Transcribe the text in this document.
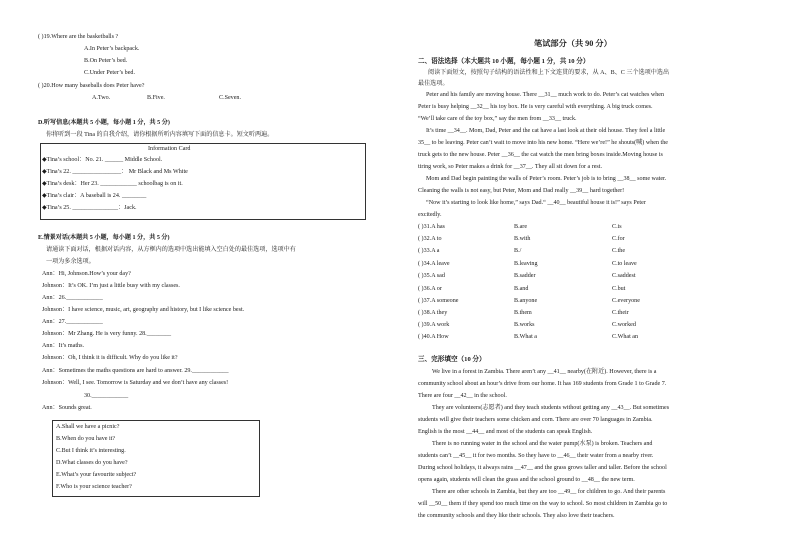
( )19.Where are the basketballs ?
A.In Peter’s backpack.
B.On Peter’s bed.
C.Under Peter’s bed.
( )20.How many baseballs does Peter have?
A.Two.	B.Five.	C.Seven.
D.听写信息(本题共 5 小题，每小题 1 分，共 5 分)
你将听到一段 Tina 的自我介绍，请你根据所听内容填写下面的信息卡。短文听两遍。
Information Card
◆Tina’s school：No. 21. ______ Middle School.
◆Tina’s 22. ________________： Mr Black and Ms White
◆Tina’s desk：Her 23. ____________ schoolbag is on it.
◆Tina’s clair：A baseball is 24. ________
◆Tina’s 25. _______________：Jack.
E.情景对话(本题共 5 小题，每小题 1 分，共 5 分)
请通读下面对话，根据对话内容，从方框内的选项中选出能填入空白处的最佳选项，选项中有
一项为多余选项。
Ann：Hi, Johnson.How’s your day?
Johnson：It’s OK. I’m just a little busy with my classes.
Ann：26.____________
Johnson：I have science, music, art, geography and history, but I like science best.
Ann：27.____________
Johnson：Mr Zhang. He is very funny. 28.________
Ann：It’s maths.
Johnson：Oh, I think it is difficult. Why do you like it?
Ann：Sometimes the maths questions are hard to answer. 29.____________
Johnson：Well, I see. Tomorrow is Saturday and we don’t have any classes!
30.____________
Ann：Sounds great.
A.Shall we have a picnic?
B.When do you have it?
C.But I think it’s interesting.
D.What classes do you have?
E.What’s your favourite subject?
F.Who is your science teacher?
笔试部分（共 90 分）
二、语法选择（本大题共 10 小题，每小题 1 分，共 10 分）
阅读下面短文，按照句子结构的语法性和上下文连贯的要求，从 A、B、C 三个选项中选出
最佳选项。
Peter and his family are moving house. There __31__ much work to do. Peter’s cat watches when
Peter is busy helping __32__ his toy box. He is very careful with everything. A big truck comes.
“We’ll take care of the toy box,” say the men from __33__ truck.
It’s time __34__. Mom, Dad, Peter and the cat have a last look at their old house. They feel a little
35__ to be leaving. Peter can’t wait to move into his new home. “Here we’re!” he shouts(喊) when the
truck gets to the new house. Peter __36__ the cat watch the men bring boxes inside.Moving house is
tiring work, so Peter makes a drink for __37__. They all sit down for a rest.
Mom and Dad begin painting the walls of Peter’s room. Peter’s job is to bring __38__ some water.
Cleaning the walls is not easy, but Peter, Mom and Dad really __39__ hard together!
“Now it’s starting to look like home,” says Dad.“ __40__ beautiful house it is!” says Peter
excitedly.
( )31.A has	B.are	C.is
( )32.A to	B.with	C.for
( )33.A a	B./	C.the
( )34.A leave	B.leaving	C.to leave
( )35.A sad	B.sadder	C.saddest
( )36.A or	B.and	C.but
( )37.A someone	B.anyone	C.everyone
( )38.A they	B.them	C.their
( )39.A work	B.works	C.worked
( )40.A How	B.What a	C.What an
三、完形填空（10 分）
We live in a forest in Zambia. There aren’t any __41__ nearby(在附近). However, there is a
community school about an hour’s drive from our home. It has 169 students from Grade 1 to Grade 7.
There are four __42__ in the school.
They are volunteers(志愿者) and they teach students without getting any __43__. But sometimes
students will give their teachers some chicken and corn. There are over 70 languages in Zambia.
English is the most __44__ and most of the students can speak English.
There is no running water in the school and the water pump(水泵) is broken. Teachers and
students can’t __45__ it for two months. So they have to __46__ their water from a nearby river.
During school holidays, it always rains __47__ and the grass grows taller and taller. Before the school
opens again, students will clean the grass and the school ground to __48__ the new term.
There are other schools in Zambia, but they are too __49__ for children to go. And their parents
will __50__ them if they spend too much time on the way to school. So most children in Zambia go to
the community schools and they like their schools. They also love their teachers.
